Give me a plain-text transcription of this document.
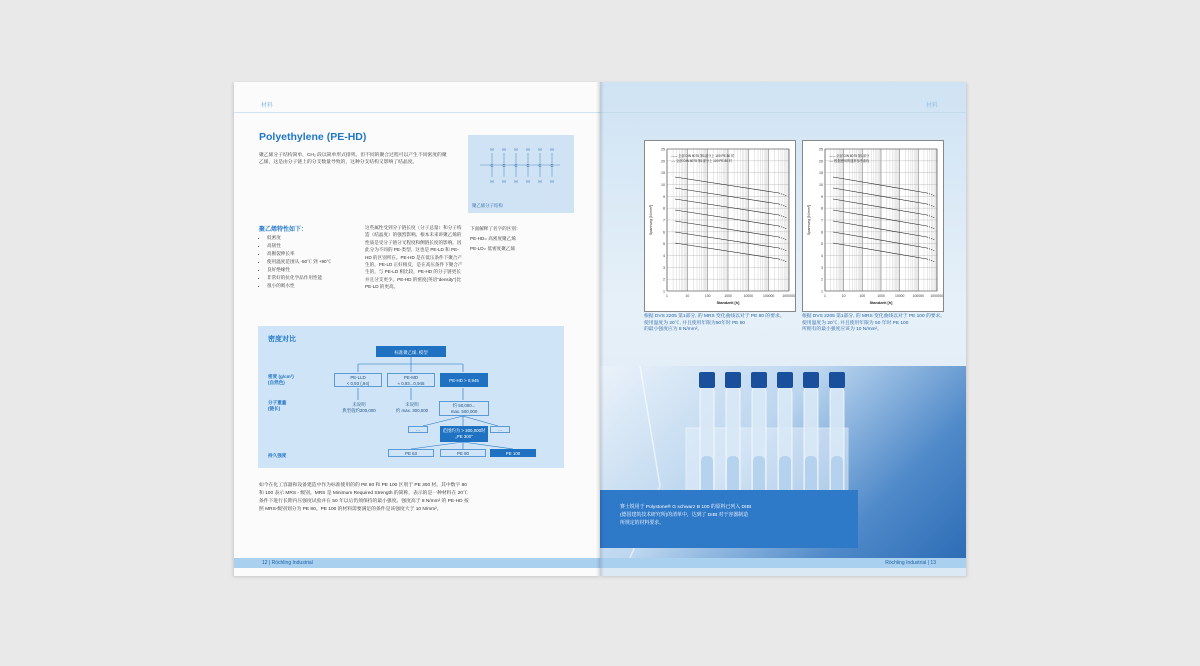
材料
Polyethylene (PE-HD)
聚乙烯分子结构简单，CH₂ 段以简单形式排列。但不同的聚合过程可以产生不同密度的聚乙烯，这是由分子链上的分支数量导致的，这种分支结构又影响了结晶度。
H H H H H H
C C C C C C
H H H H H H
聚乙烯分子结构
聚乙烯特性如下：
• 低密度
• 高韧性
• 高断裂伸长率
• 使用温度范围从 -50℃ 到 +90℃
• 良好绝缘性
• 非常好的抗化学品作用性能
• 很小的吸水性
这些属性受到分子链长度（分子总量）和分子构造（结晶度）的强烈影响。根本未来讲聚乙烯的性质是受分子链分叉程度和侧链长度的影响。因此分为不同的 PE-类型。这也是 PE-LD 和 PE-HD 的区别所在。PE-HD 是在低压条件下聚合产生的，PE-LD 正好相反，是在高压条件下聚合产生的，与 PE-LD 相比较，PE-HD 的分子链更长并且分支更少。PE-HD 的密度(英语“density”)比 PE-LD 的更高。
下面解释了名字的区别：
PE-HD= 高密度聚乙烯
PE-LD= 低密度聚乙烯
密度对比
标准聚乙烯, 模型
密度 (g/cm³)
(自然色)
分子重量
(链长)
持久强度
PE-LLD
< 0,93 (,94)
PE-MD
≈ 0,93...0,945	PE-HD > 0,945
未说明
典型值约200,000
未说明
约 max. 300,000
约 50,000...
max. 500,000
...	范围约为 > 300,000时
„PE 300“
...
PE 63	PE 80	PE 100
如今在化工容器和设备建造中作为标准使用的的 PE 80 和 PE 100 区别于 PE 300 材。其中数字 80 和 100 表示 MRS - 级别。MRS 是 Minimum Required Strength 的简称，表示的是一种材料在 20℃ 条件下进行长期内压强度试验并在 50 年以后仍须保持的最小强度。强度高于 8 N/mm² 的 PE-HD 按照 MRS-级别划分为 PE 80。PE 100 的材料需要满足的条件是该强度大于 10 N/mm²。
12 | Röchling Industrial
材料
25
20
15
10
9
8
7
6
5
4
3
2
1
1	10	100	1000	10000	100000 1000000
Standzeit [h]
Spannung [N/mm²]
—— 全部 DIN 8075 第1部分上 100 PE 80 时
---- 全部 DIN 8075 第1部分上 100 PE 80 时
25
20
15
10
9
8
7
6
5
4
3
2
1
1	10	100	1000	10000 100000 1000000
Standzeit [h]
Spannung [N/mm²]
—— 全部 DIN 8075 第1部分
---- 根据使用的通常参考曲线
根据 DVS 2205 第1部分, 的 MRS 变化曲线以对于 PE 80 的要求。
使用温度为 20℃, 并且使用年限为50年时 PE 80
的最小强度应为 8 N/mm²。
根据 DVS 2205 第1部分, 的 MRS 变化曲线以对于 PE 100 的要求。
使用温度为 20℃, 并且使用年限为 50 年时 PE 100
所拥有的最小强度应该为 10 N/mm²。
赛士锐用于 Polystone® G schwarz B 100 的原料已列入 DIBt
(德国建筑技术研究所)的清单中，达到了 DIBt 对于容器制造
所规定的材料要求。
Röchling Industrial | 13
